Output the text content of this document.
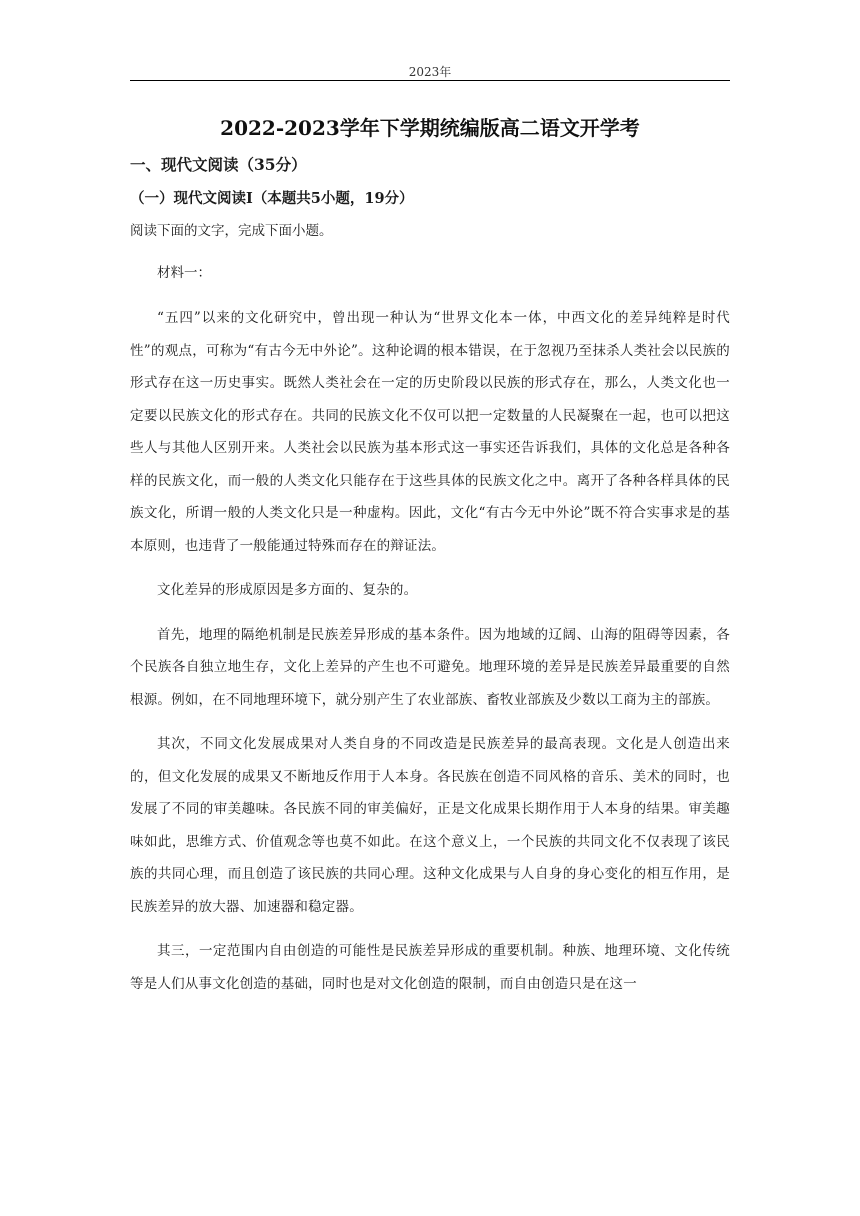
2023年
2022-2023学年下学期统编版高二语文开学考
一、现代文阅读（35分）
（一）现代文阅读Ⅰ（本题共5小题，19分）

阅读下面的文字，完成下面小题。

材料一：

“五四”以来的文化研究中，曾出现一种认为“世界文化本一体，中西文化的差异纯粹是时代性”的观点，可称为“有古今无中外论”。这种论调的根本错误，在于忽视乃至抹杀人类社会以民族的形式存在这一历史事实。既然人类社会在一定的历史阶段以民族的形式存在，那么，人类文化也一定要以民族文化的形式存在。共同的民族文化不仅可以把一定数量的人民凝聚在一起，也可以把这些人与其他人区别开来。人类社会以民族为基本形式这一事实还告诉我们，具体的文化总是各种各样的民族文化，而一般的人类文化只能存在于这些具体的民族文化之中。离开了各种各样具体的民族文化，所谓一般的人类文化只是一种虚构。因此，文化“有古今无中外论”既不符合实事求是的基本原则，也违背了一般能通过特殊而存在的辩证法。

文化差异的形成原因是多方面的、复杂的。

首先，地理的隔绝机制是民族差异形成的基本条件。因为地域的辽阔、山海的阻碍等因素，各个民族各自独立地生存，文化上差异的产生也不可避免。地理环境的差异是民族差异最重要的自然根源。例如，在不同地理环境下，就分别产生了农业部族、畜牧业部族及少数以工商为主的部族。

其次，不同文化发展成果对人类自身的不同改造是民族差异的最高表现。文化是人创造出来的，但文化发展的成果又不断地反作用于人本身。各民族在创造不同风格的音乐、美术的同时，也发展了不同的审美趣味。各民族不同的审美偏好，正是文化成果长期作用于人本身的结果。审美趣味如此，思维方式、价值观念等也莫不如此。在这个意义上，一个民族的共同文化不仅表现了该民族的共同心理，而且创造了该民族的共同心理。这种文化成果与人自身的身心变化的相互作用，是民族差异的放大器、加速器和稳定器。

其三，一定范围内自由创造的可能性是民族差异形成的重要机制。种族、地理环境、文化传统等是人们从事文化创造的基础，同时也是对文化创造的限制，而自由创造只是在这一
